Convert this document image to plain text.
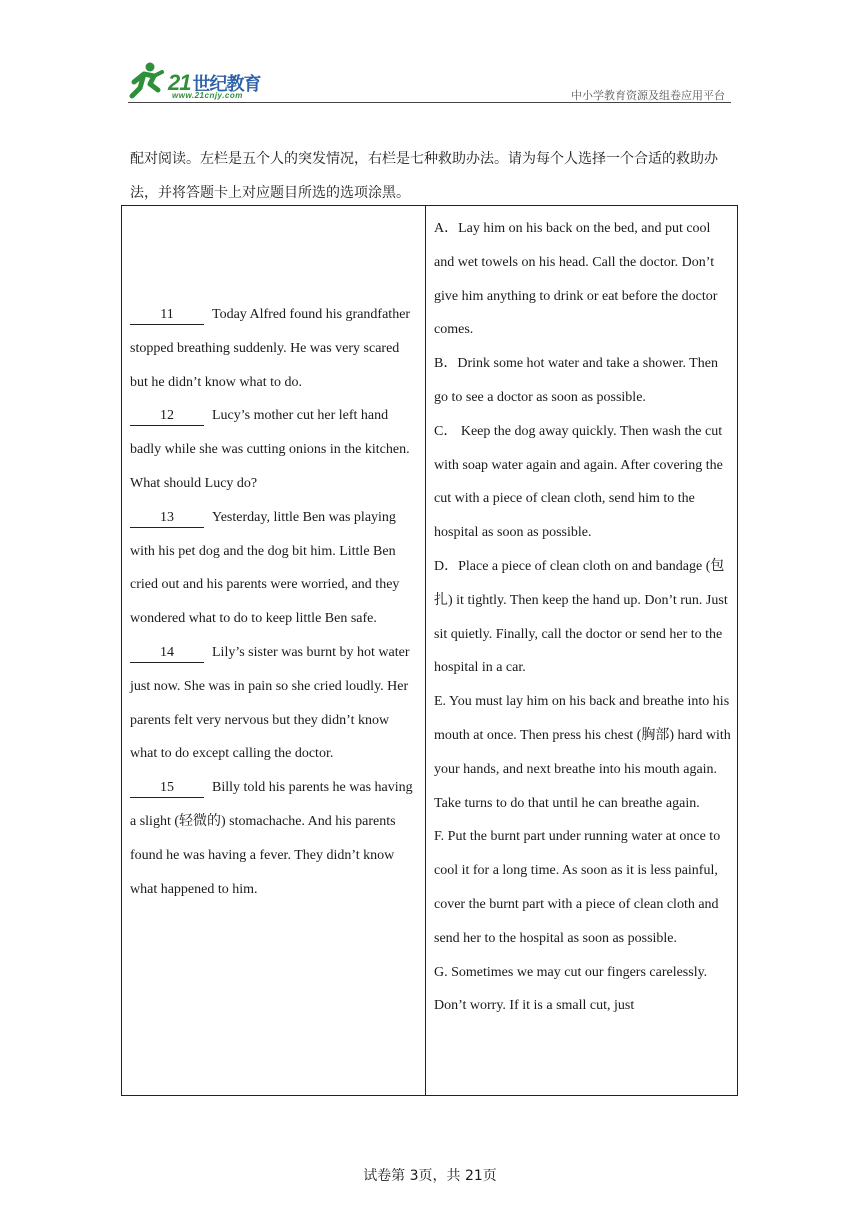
21 世纪教育
www.21cnjy.com	中小学教育资源及组卷应用平台
配对阅读。左栏是五个人的突发情况，右栏是七种救助办法。请为每个人选择一个合适的救助办法，并将答题卡上对应题目所选的选项涂黑。

11	Today Alfred found his grandfather stopped breathing suddenly. He was very scared but he didn’t know what to do.

12	Lucy’s mother cut her left hand badly while she was cutting onions in the kitchen. What should Lucy do?

13	Yesterday, little Ben was playing with his pet dog and the dog bit him. Little Ben cried out and his parents were worried, and they wondered what to do to keep little Ben safe.

14	Lily’s sister was burnt by hot water just now. She was in pain so she cried loudly. Her parents felt very nervous but they didn’t know what to do except calling the doctor.

15	Billy told his parents he was having a slight (轻微的) stomachache. And his parents found he was having a fever. They didn’t know what happened to him.

A．Lay him on his back on the bed, and put cool and wet towels on his head. Call the doctor. Don’t give him anything to drink or eat before the doctor comes.

B．Drink some hot water and take a shower. Then go to see a doctor as soon as possible.

C． Keep the dog away quickly. Then wash the cut with soap water again and again. After covering the cut with a piece of clean cloth, send him to the hospital as soon as possible.

D．Place a piece of clean cloth on and bandage (包扎) it tightly. Then keep the hand up. Don’t run. Just sit quietly. Finally, call the doctor or send her to the hospital in a car.

E. You must lay him on his back and breathe into his mouth at once. Then press his chest (胸部) hard with your hands, and next breathe into his mouth again. Take turns to do that until he can breathe again.

F. Put the burnt part under running water at once to cool it for a long time. As soon as it is less painful, cover the burnt part with a piece of clean cloth and send her to the hospital as soon as possible.

G. Sometimes we may cut our fingers carelessly. Don’t worry. If it is a small cut, just

试卷第 3页，共 21页
